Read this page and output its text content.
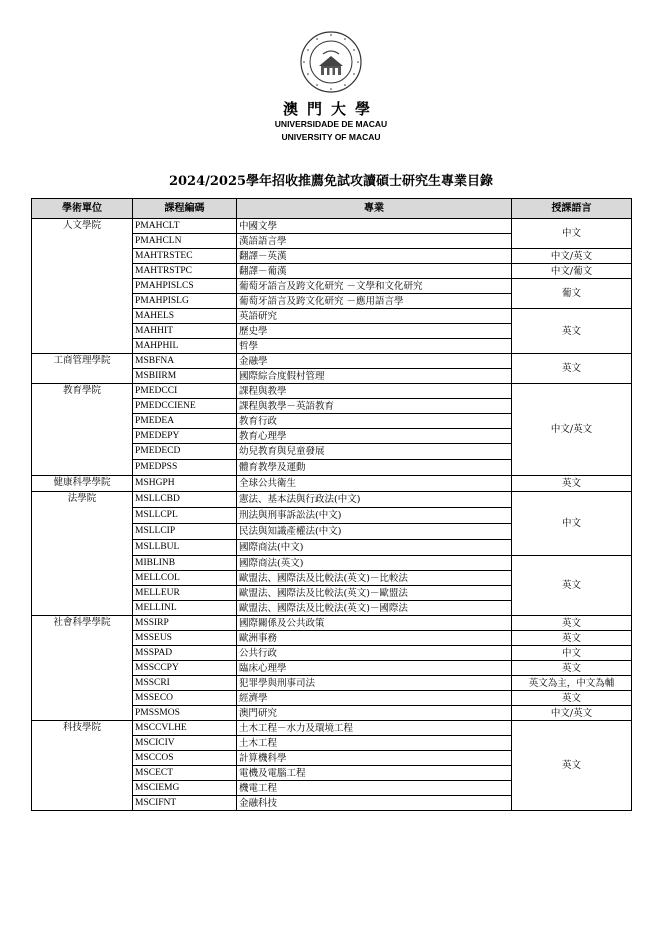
澳門大學
UNIVERSIDADE DE MACAU
UNIVERSITY OF MACAU
2024/2025學年招收推薦免試攻讀碩士研究生專業目錄
學術單位	課程編碼	專業	授課語言
人文學院	PMAHCLT	中國文學	中文
	PMAHCLN	漢語語言學	
	MAHTRSTEC	翻譯－英漢	中文/英文
	MAHTRSTPC	翻譯－葡漢	中文/葡文
	PMAHPISLCS	葡萄牙語言及跨文化研究 －文學和文化研究	葡文
	PMAHPISLG	葡萄牙語言及跨文化研究 －應用語言學	
	MAHELS	英語研究	英文
	MAHHIT	歷史學	
	MAHPHIL	哲學	
工商管理學院	MSBFNA	金融學	英文
	MSBIIRM	國際綜合度假村管理	
教育學院	PMEDCCI	課程與教學	中文/英文
	PMEDCCIENE	課程與教學－英語教育	
	PMEDEA	教育行政	
	PMEDEPY	教育心理學	
	PMEDECD	幼兒教育與兒童發展	
	PMEDPSS	體育教學及運動	
健康科學學院	MSHGPH	全球公共衛生	英文
法學院	MSLLCBD	憲法、基本法與行政法(中文)	中文
	MSLLCPL	刑法與刑事訴訟法(中文)	
	MSLLCIP	民法與知識產權法(中文)	
	MSLLBUL	國際商法(中文)	
	MIBLINB	國際商法(英文)	英文
	MELLCOL	歐盟法、國際法及比較法(英文)－比較法	
	MELLEUR	歐盟法、國際法及比較法(英文)－歐盟法	
	MELLINL	歐盟法、國際法及比較法(英文)－國際法	
社會科學學院	MSSIRP	國際關係及公共政策	英文
	MSSEUS	歐洲事務	英文
	MSSPAD	公共行政	中文
	MSSCCPY	臨床心理學	英文
	MSSCRI	犯罪學與刑事司法	英文為主，中文為輔
	MSSECO	經濟學	英文
	PMSSMOS	澳門研究	中文/英文
科技學院	MSCCVLHE	土木工程－水力及環境工程	英文
	MSCICIV	土木工程	
	MSCCOS	計算機科學	
	MSCECT	電機及電腦工程	
	MSCIEMG	機電工程	
	MSCIFNT	金融科技	
